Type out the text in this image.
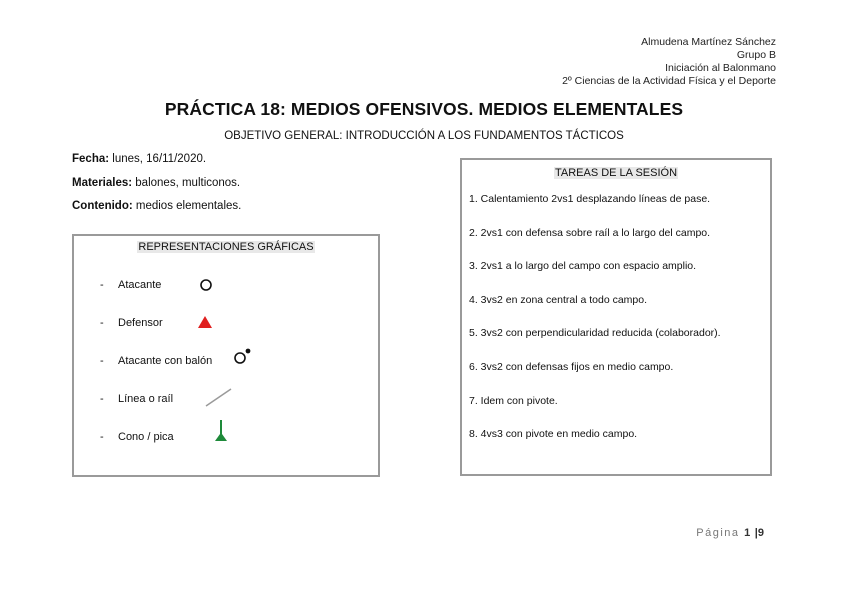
Almudena Martínez Sánchez
Grupo B
Iniciación al Balonmano
2º Ciencias de la Actividad Física y el Deporte
PRÁCTICA 18: MEDIOS OFENSIVOS. MEDIOS ELEMENTALES
OBJETIVO GENERAL: INTRODUCCIÓN A LOS FUNDAMENTOS TÁCTICOS
Fecha: lunes, 16/11/2020.
Materiales: balones, multiconos.
Contenido: medios elementales.
REPRESENTACIONES GRÁFICAS
- Atacante
- Defensor
- Atacante con balón
- Línea o raíl
- Cono / pica
TAREAS DE LA SESIÓN
1. Calentamiento 2vs1 desplazando líneas de pase.
2. 2vs1 con defensa sobre raíl a lo largo del campo.
3. 2vs1 a lo largo del campo con espacio amplio.
4. 3vs2 en zona central a todo campo.
5. 3vs2 con perpendicularidad reducida (colaborador).
6. 3vs2 con defensas fijos en medio campo.
7. Idem con pivote.
8. 4vs3 con pivote en medio campo.
Página 1 |9
